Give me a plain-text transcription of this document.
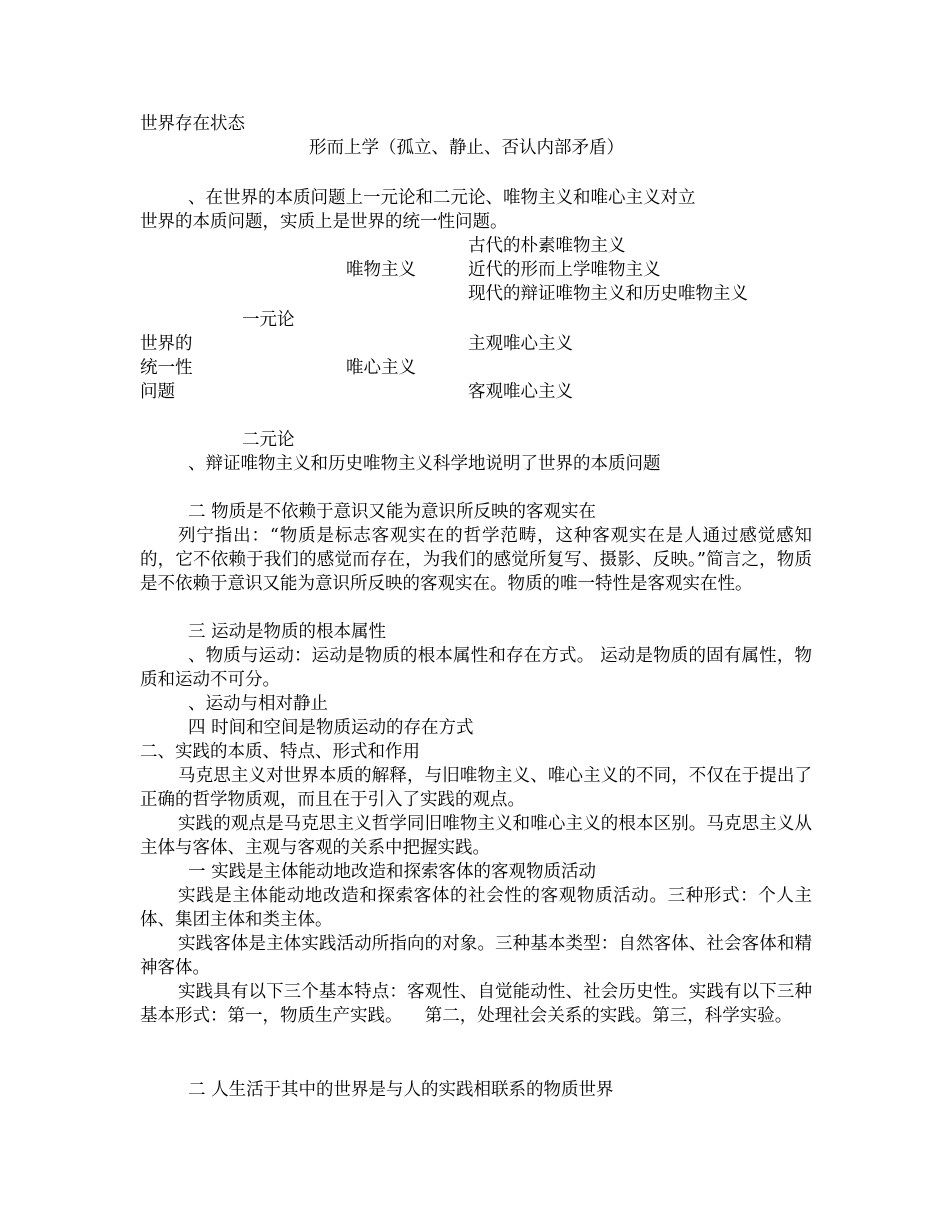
世界存在状态
形而上学（孤立、静止、否认内部矛盾）
、在世界的本质问题上一元论和二元论、唯物主义和唯心主义对立
世界的本质问题，实质上是世界的统一性问题。
古代的朴素唯物主义
唯物主义	近代的形而上学唯物主义
现代的辩证唯物主义和历史唯物主义
一元论
世界的	主观唯心主义
统一性	唯心主义
问题	客观唯心主义
二元论
、辩证唯物主义和历史唯物主义科学地说明了世界的本质问题
二 物质是不依赖于意识又能为意识所反映的客观实在
列宁指出：“物质是标志客观实在的哲学范畴，这种客观实在是人通过感觉感知的，它不依赖于我们的感觉而存在，为我们的感觉所复写、摄影、反映。”简言之，物质是不依赖于意识又能为意识所反映的客观实在。物质的唯一特性是客观实在性。
三 运动是物质的根本属性
、物质与运动：运动是物质的根本属性和存在方式。 运动是物质的固有属性，物质和运动不可分。
、运动与相对静止
四 时间和空间是物质运动的存在方式
二、实践的本质、特点、形式和作用
马克思主义对世界本质的解释，与旧唯物主义、唯心主义的不同，不仅在于提出了正确的哲学物质观，而且在于引入了实践的观点。
实践的观点是马克思主义哲学同旧唯物主义和唯心主义的根本区别。马克思主义从主体与客体、主观与客观的关系中把握实践。
一 实践是主体能动地改造和探索客体的客观物质活动
实践是主体能动地改造和探索客体的社会性的客观物质活动。三种形式：个人主体、集团主体和类主体。
实践客体是主体实践活动所指向的对象。三种基本类型：自然客体、社会客体和精神客体。
实践具有以下三个基本特点：客观性、自觉能动性、社会历史性。实践有以下三种基本形式：第一，物质生产实践。    第二，处理社会关系的实践。第三，科学实验。
二 人生活于其中的世界是与人的实践相联系的物质世界
